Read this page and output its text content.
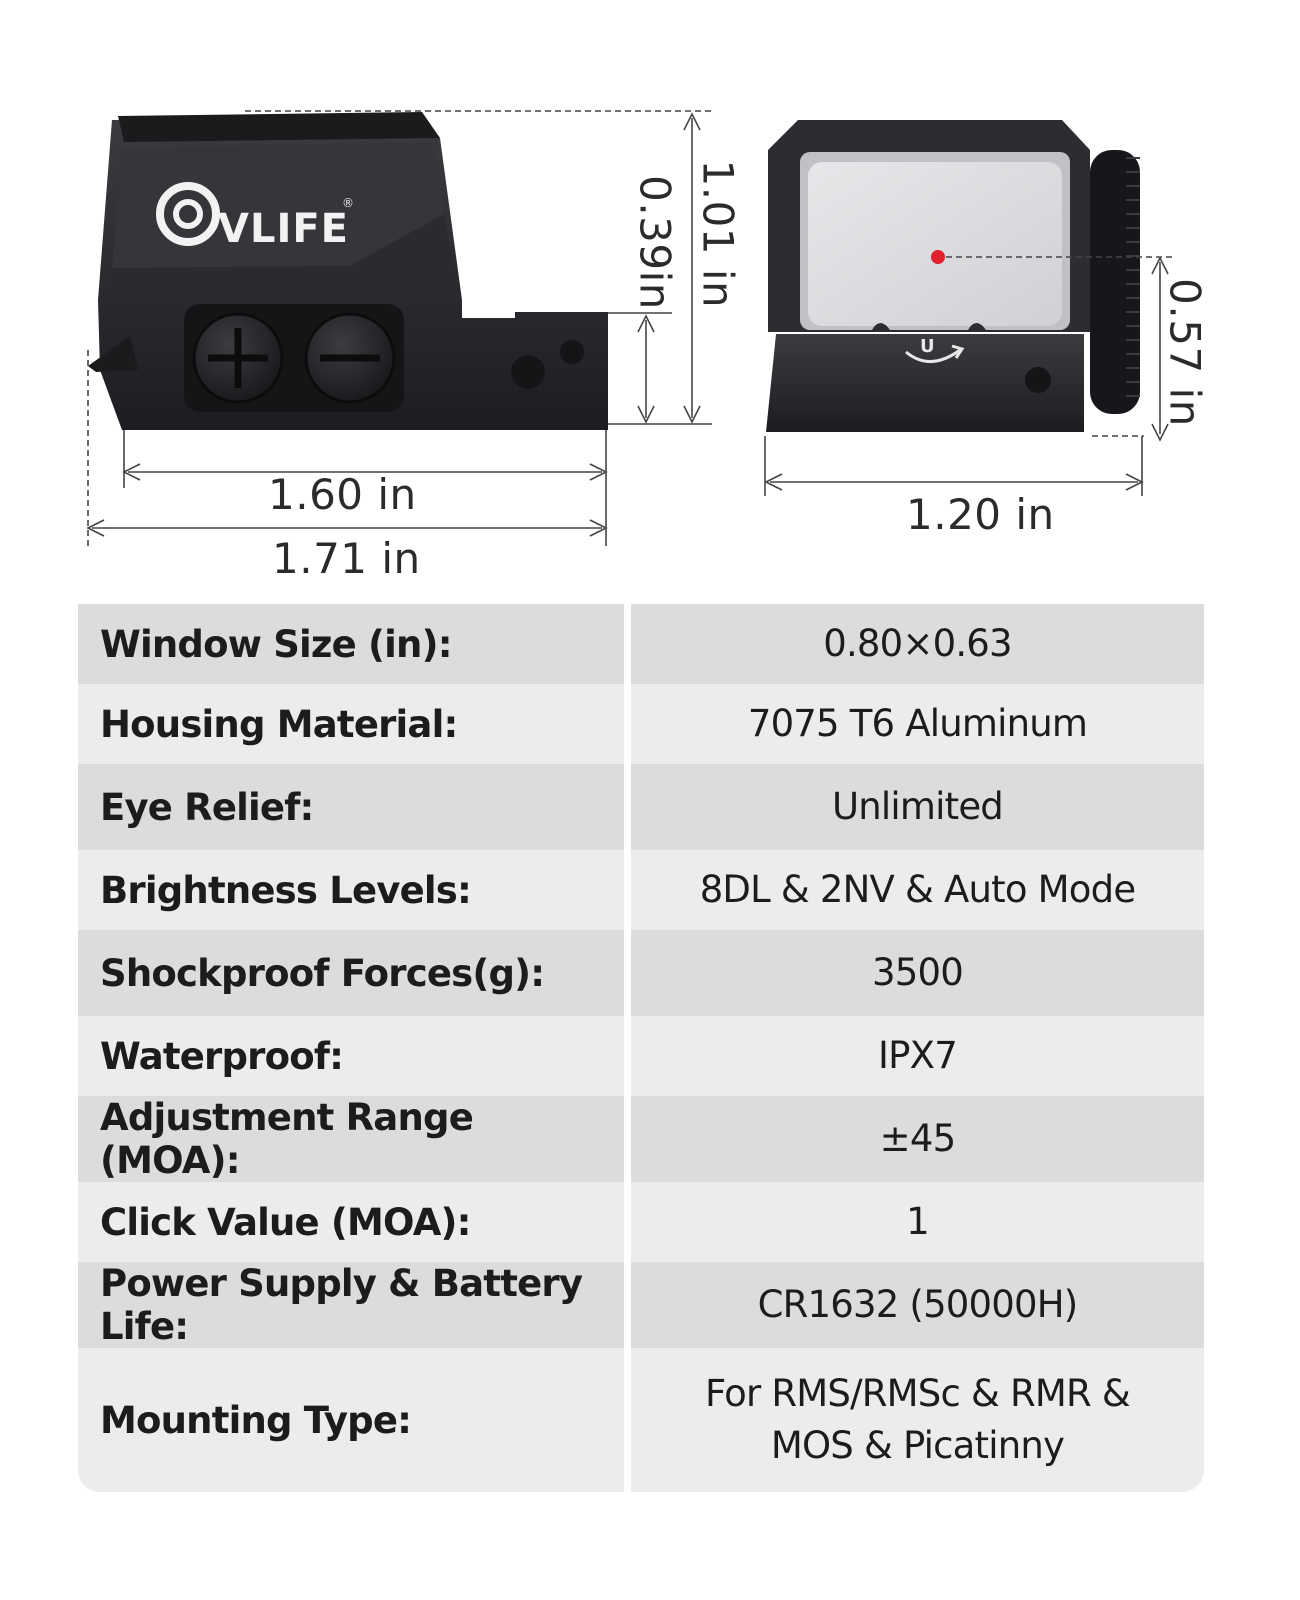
VLIFE
®	1.01 in
0.39in
0.57 in
1.60 in
1.71 in
1.20 in
U
Window Size (in):	0.80×0.63
Housing Material:	7075 T6 Aluminum
Eye Relief:	Unlimited
Brightness Levels:	8DL & 2NV & Auto Mode
Shockproof Forces(g):	3500
Waterproof:	IPX7
Adjustment Range (MOA):
±45
Click Value (MOA):	1
Power Supply & Battery Life:
CR1632 (50000H)
Mounting Type:
For RMS/RMSc & RMR & MOS & Picatinny
